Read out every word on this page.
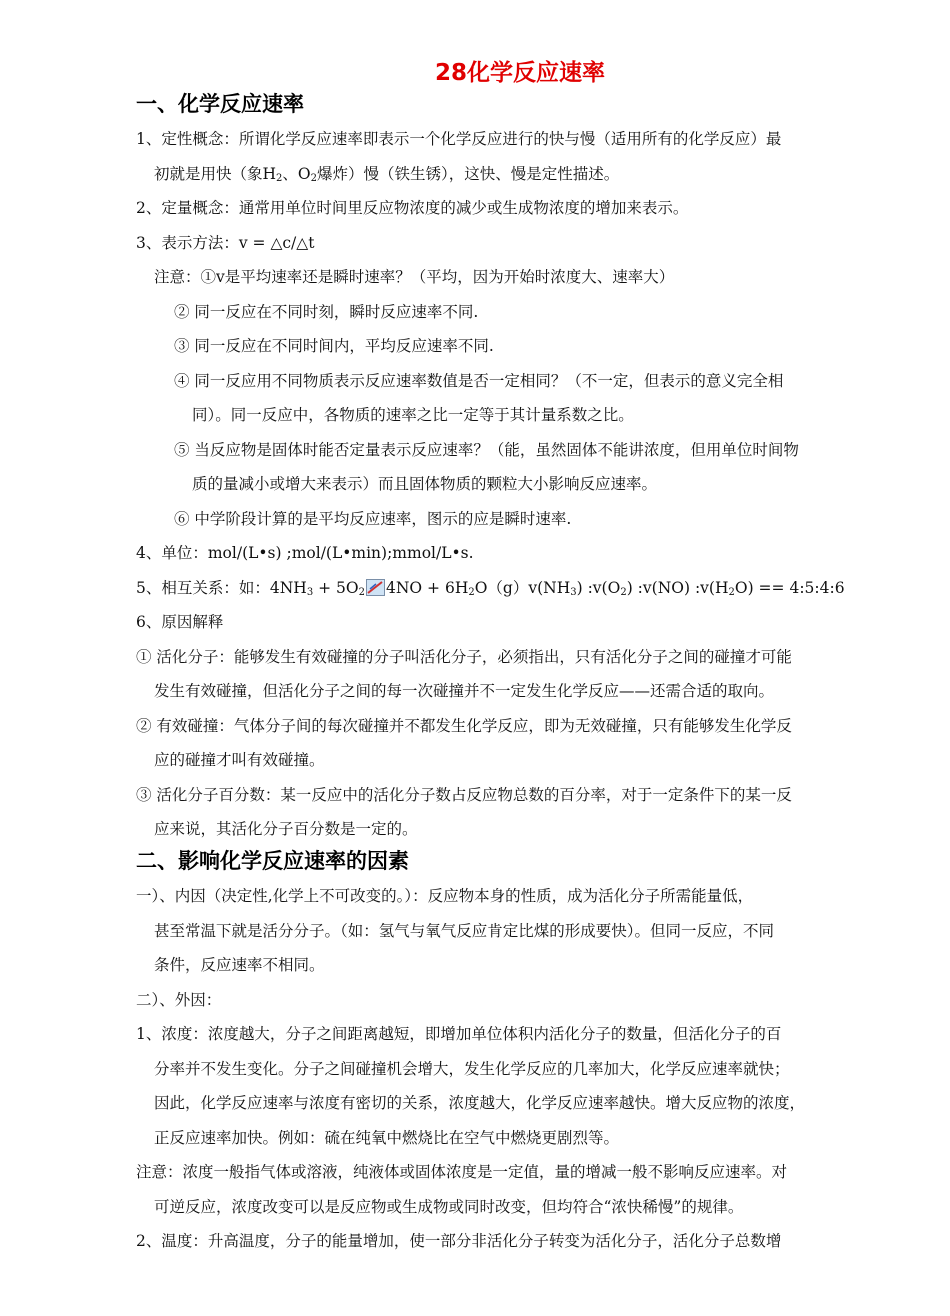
28化学反应速率
一、化学反应速率
1、定性概念：所谓化学反应速率即表示一个化学反应进行的快与慢（适用所有的化学反应）最
初就是用快（象$H_2$、$O_2$爆炸）慢（铁生锈），这快、慢是定性描述。
2、定量概念：通常用单位时间里反应物浓度的减少或生成物浓度的增加来表示。
3、表示方法：v = △c/△t
注意：①v是平均速率还是瞬时速率？（平均，因为开始时浓度大、速率大）
② 同一反应在不同时刻，瞬时反应速率不同.
③ 同一反应在不同时间内，平均反应速率不同.
④ 同一反应用不同物质表示反应速率数值是否一定相同？（不一定，但表示的意义完全相
同）。同一反应中，各物质的速率之比一定等于其计量系数之比。
⑤ 当反应物是固体时能否定量表示反应速率？（能，虽然固体不能讲浓度，但用单位时间物
质的量减小或增大来表示）而且固体物质的颗粒大小影响反应速率。
⑥ 中学阶段计算的是平均反应速率，图示的应是瞬时速率.
4、单位：mol/(L•s) ;mol/(L•min);mmol/L•s.
5、相互关系：如：$4NH_3 + 5O_2$ $4NO + 6H_2O(g)v(NH_3)$ $:v(O_2)$ :v(NO) $:v(H_2O)$ == 4:5:4:6
6、原因解释
① 活化分子：能够发生有效碰撞的分子叫活化分子，必须指出，只有活化分子之间的碰撞才可能
发生有效碰撞，但活化分子之间的每一次碰撞并不一定发生化学反应——还需合适的取向。
② 有效碰撞：气体分子间的每次碰撞并不都发生化学反应，即为无效碰撞，只有能够发生化学反
应的碰撞才叫有效碰撞。
③ 活化分子百分数：某一反应中的活化分子数占反应物总数的百分率，对于一定条件下的某一反
应来说，其活化分子百分数是一定的。
二、影响化学反应速率的因素
一）、内因（决定性,化学上不可改变的。）：反应物本身的性质，成为活化分子所需能量低，
甚至常温下就是活分分子。（如：氢气与氧气反应肯定比煤的形成要快）。但同一反应，不同
条件，反应速率不相同。
二）、外因：
1、浓度：浓度越大，分子之间距离越短，即增加单位体积内活化分子的数量，但活化分子的百
分率并不发生变化。分子之间碰撞机会增大，发生化学反应的几率加大，化学反应速率就快；
因此，化学反应速率与浓度有密切的关系，浓度越大，化学反应速率越快。增大反应物的浓度，
正反应速率加快。例如：硫在纯氧中燃烧比在空气中燃烧更剧烈等。
注意：浓度一般指气体或溶液，纯液体或固体浓度是一定值，量的增减一般不影响反应速率。对
可逆反应，浓度改变可以是反应物或生成物或同时改变，但均符合“浓快稀慢”的规律。
2、温度：升高温度，分子的能量增加，使一部分非活化分子转变为活化分子，活化分子总数增
